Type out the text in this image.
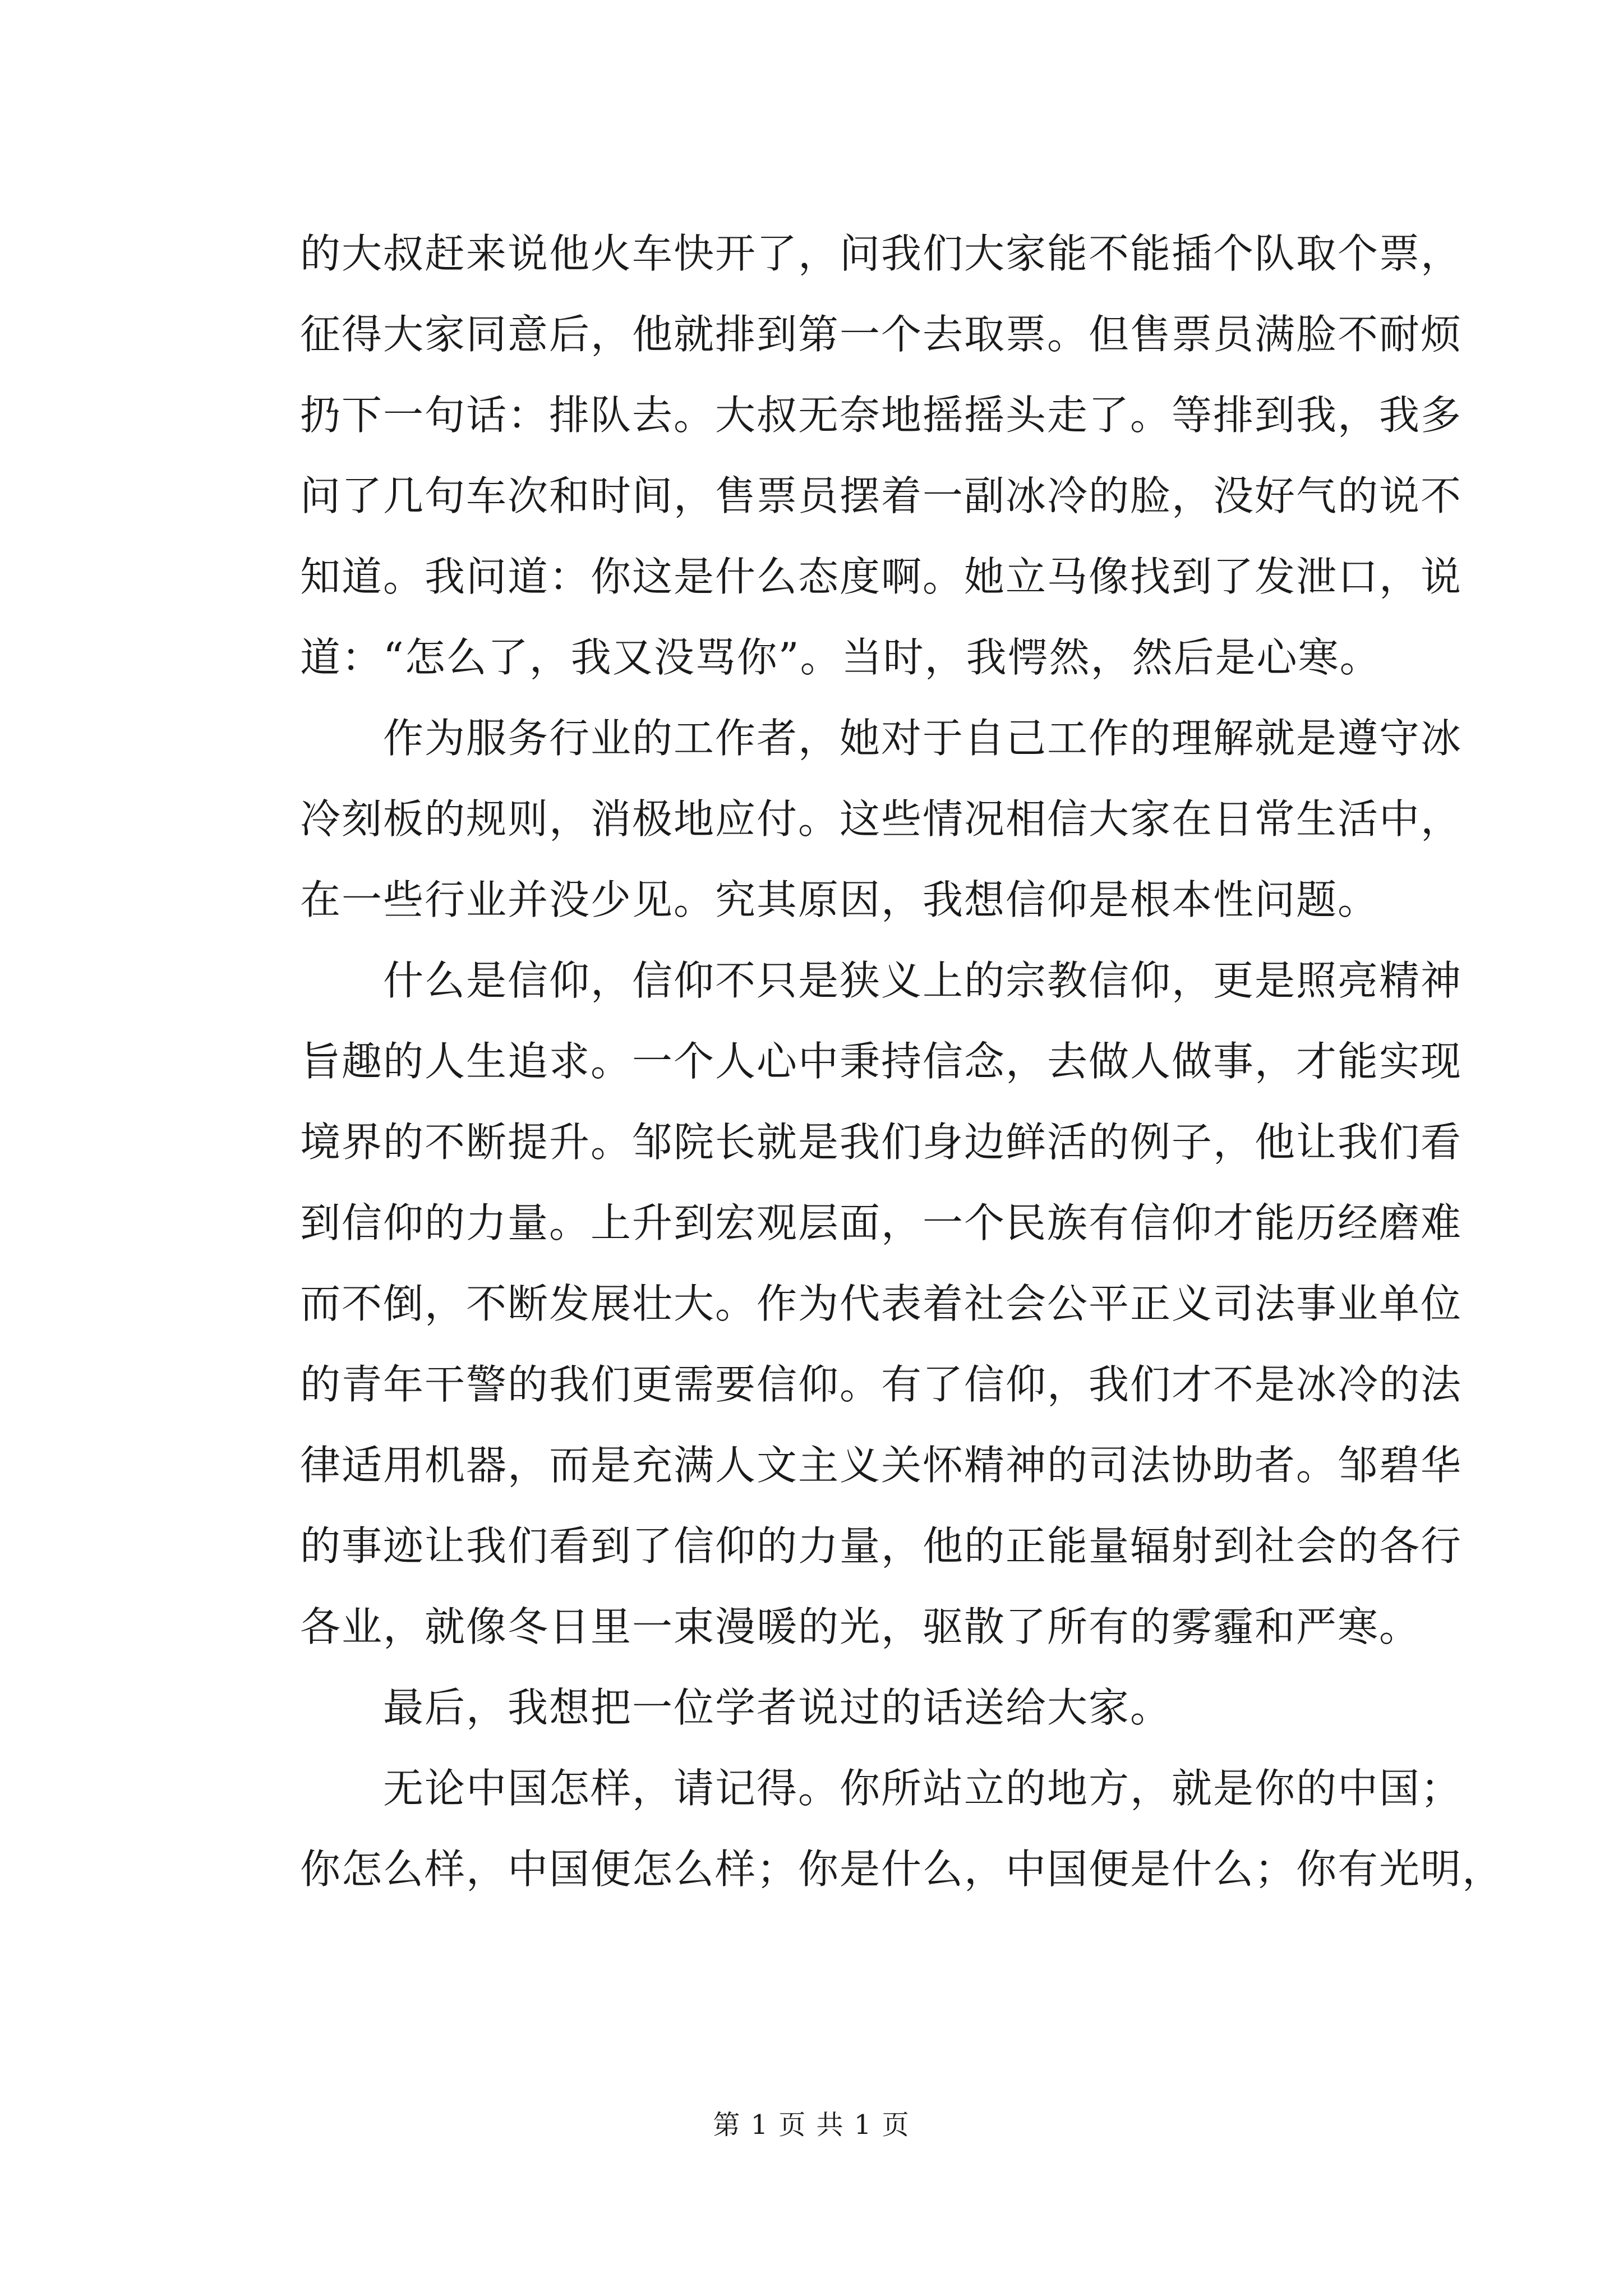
的大叔赶来说他火车快开了，问我们大家能不能插个队取个票，
征得大家同意后，他就排到第一个去取票。但售票员满脸不耐烦
扔下一句话：排队去。大叔无奈地摇摇头走了。等排到我，我多
问了几句车次和时间，售票员摆着一副冰冷的脸，没好气的说不
知道。我问道：你这是什么态度啊。她立马像找到了发泄口，说
道：“怎么了，我又没骂你”。当时，我愕然，然后是心寒。
作为服务行业的工作者，她对于自己工作的理解就是遵守冰
冷刻板的规则，消极地应付。这些情况相信大家在日常生活中，
在一些行业并没少见。究其原因，我想信仰是根本性问题。
什么是信仰，信仰不只是狭义上的宗教信仰，更是照亮精神
旨趣的人生追求。一个人心中秉持信念，去做人做事，才能实现
境界的不断提升。邹院长就是我们身边鲜活的例子，他让我们看
到信仰的力量。上升到宏观层面，一个民族有信仰才能历经磨难
而不倒，不断发展壮大。作为代表着社会公平正义司法事业单位
的青年干警的我们更需要信仰。有了信仰，我们才不是冰冷的法
律适用机器，而是充满人文主义关怀精神的司法协助者。邹碧华
的事迹让我们看到了信仰的力量，他的正能量辐射到社会的各行
各业，就像冬日里一束漫暖的光，驱散了所有的雾霾和严寒。
最后，我想把一位学者说过的话送给大家。
无论中国怎样，请记得。你所站立的地方，就是你的中国；
你怎么样，中国便怎么样；你是什么，中国便是什么；你有光明，
第 1 页 共 1 页
